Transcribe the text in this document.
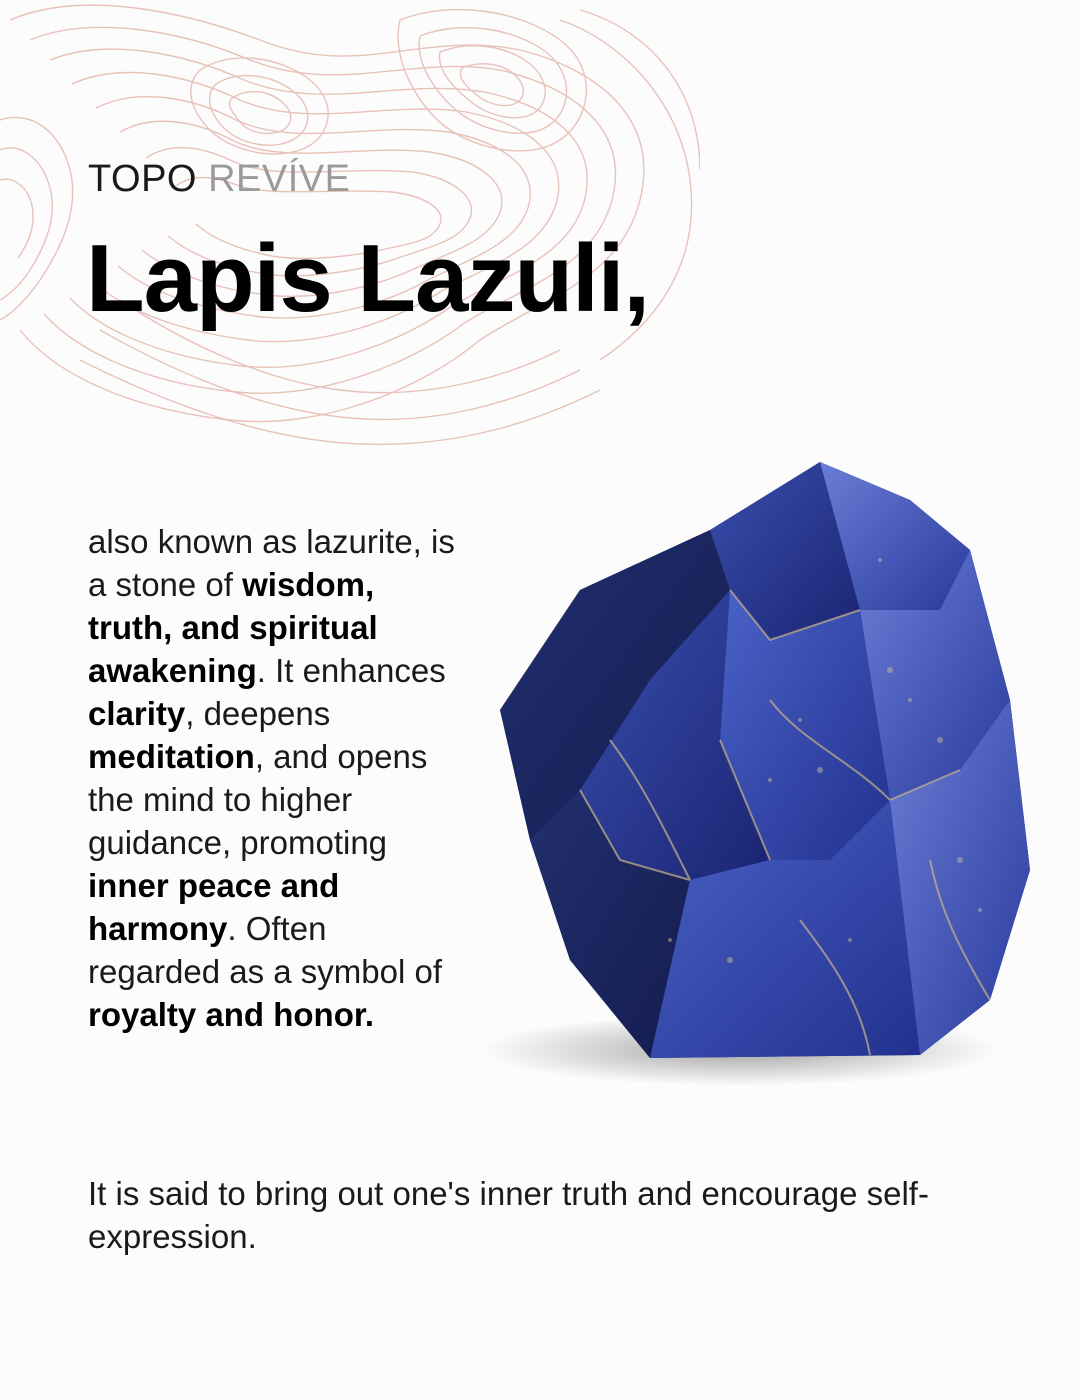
TOPO REVÍVE
Lapis Lazuli,

also known as lazurite, is a stone of wisdom, truth, and spiritual awakening. It enhances clarity, deepens meditation, and opens the mind to higher guidance, promoting inner peace and harmony. Often regarded as a symbol of royalty and honor.

It is said to bring out one's inner truth and encourage self-expression.
